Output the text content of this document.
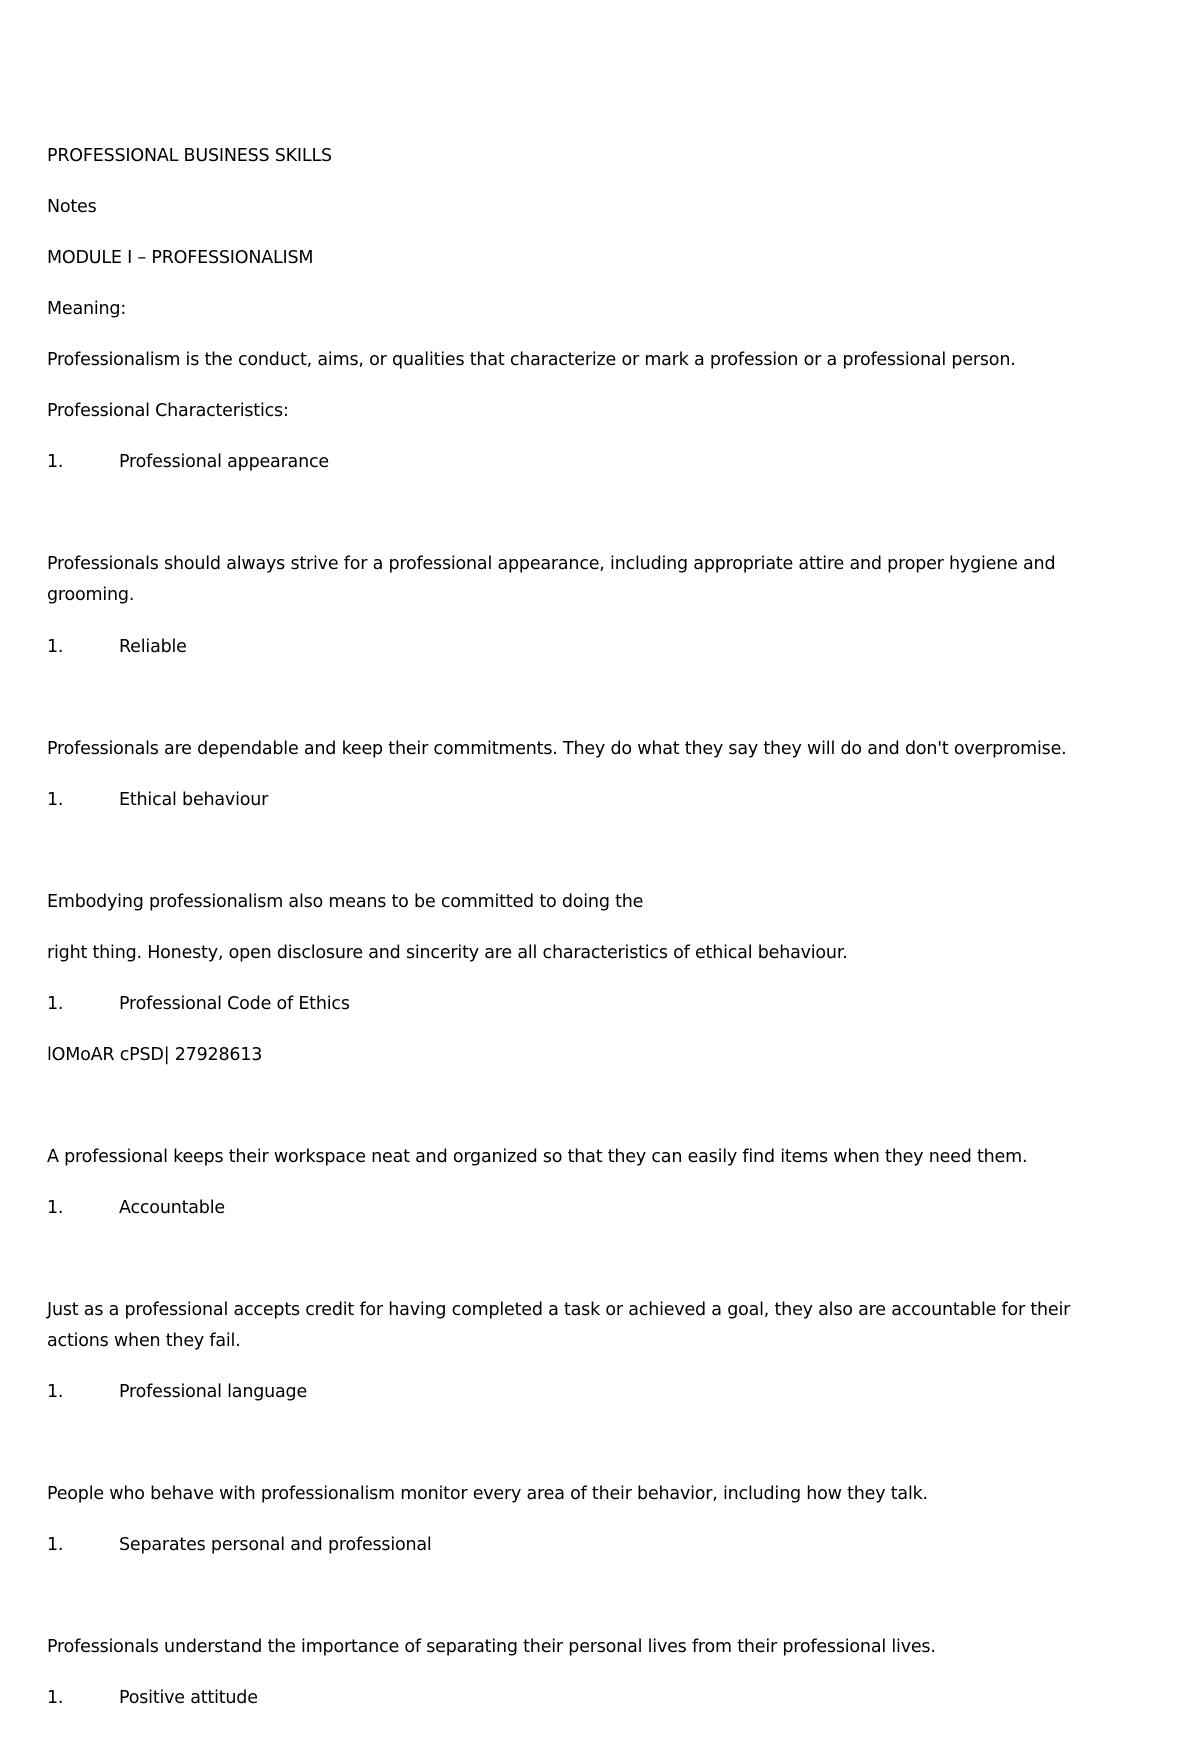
PROFESSIONAL BUSINESS SKILLS

Notes

MODULE I – PROFESSIONALISM

Meaning:

Professionalism is the conduct, aims, or qualities that characterize or mark a profession or a professional person.

Professional Characteristics:

1.	Professional appearance

Professionals should always strive for a professional appearance, including appropriate attire and proper hygiene and grooming.

1.	Reliable

Professionals are dependable and keep their commitments. They do what they say they will do and don't overpromise.

1.	Ethical behaviour

Embodying professionalism also means to be committed to doing the

right thing. Honesty, open disclosure and sincerity are all characteristics of ethical behaviour.

1.	Professional Code of Ethics

lOMoAR cPSD| 27928613

A professional keeps their workspace neat and organized so that they can easily find items when they need them.

1.	Accountable

Just as a professional accepts credit for having completed a task or achieved a goal, they also are accountable for their actions when they fail.

1.	Professional language

People who behave with professionalism monitor every area of their behavior, including how they talk.

1.	Separates personal and professional

Professionals understand the importance of separating their personal lives from their professional lives.

1.	Positive attitude
